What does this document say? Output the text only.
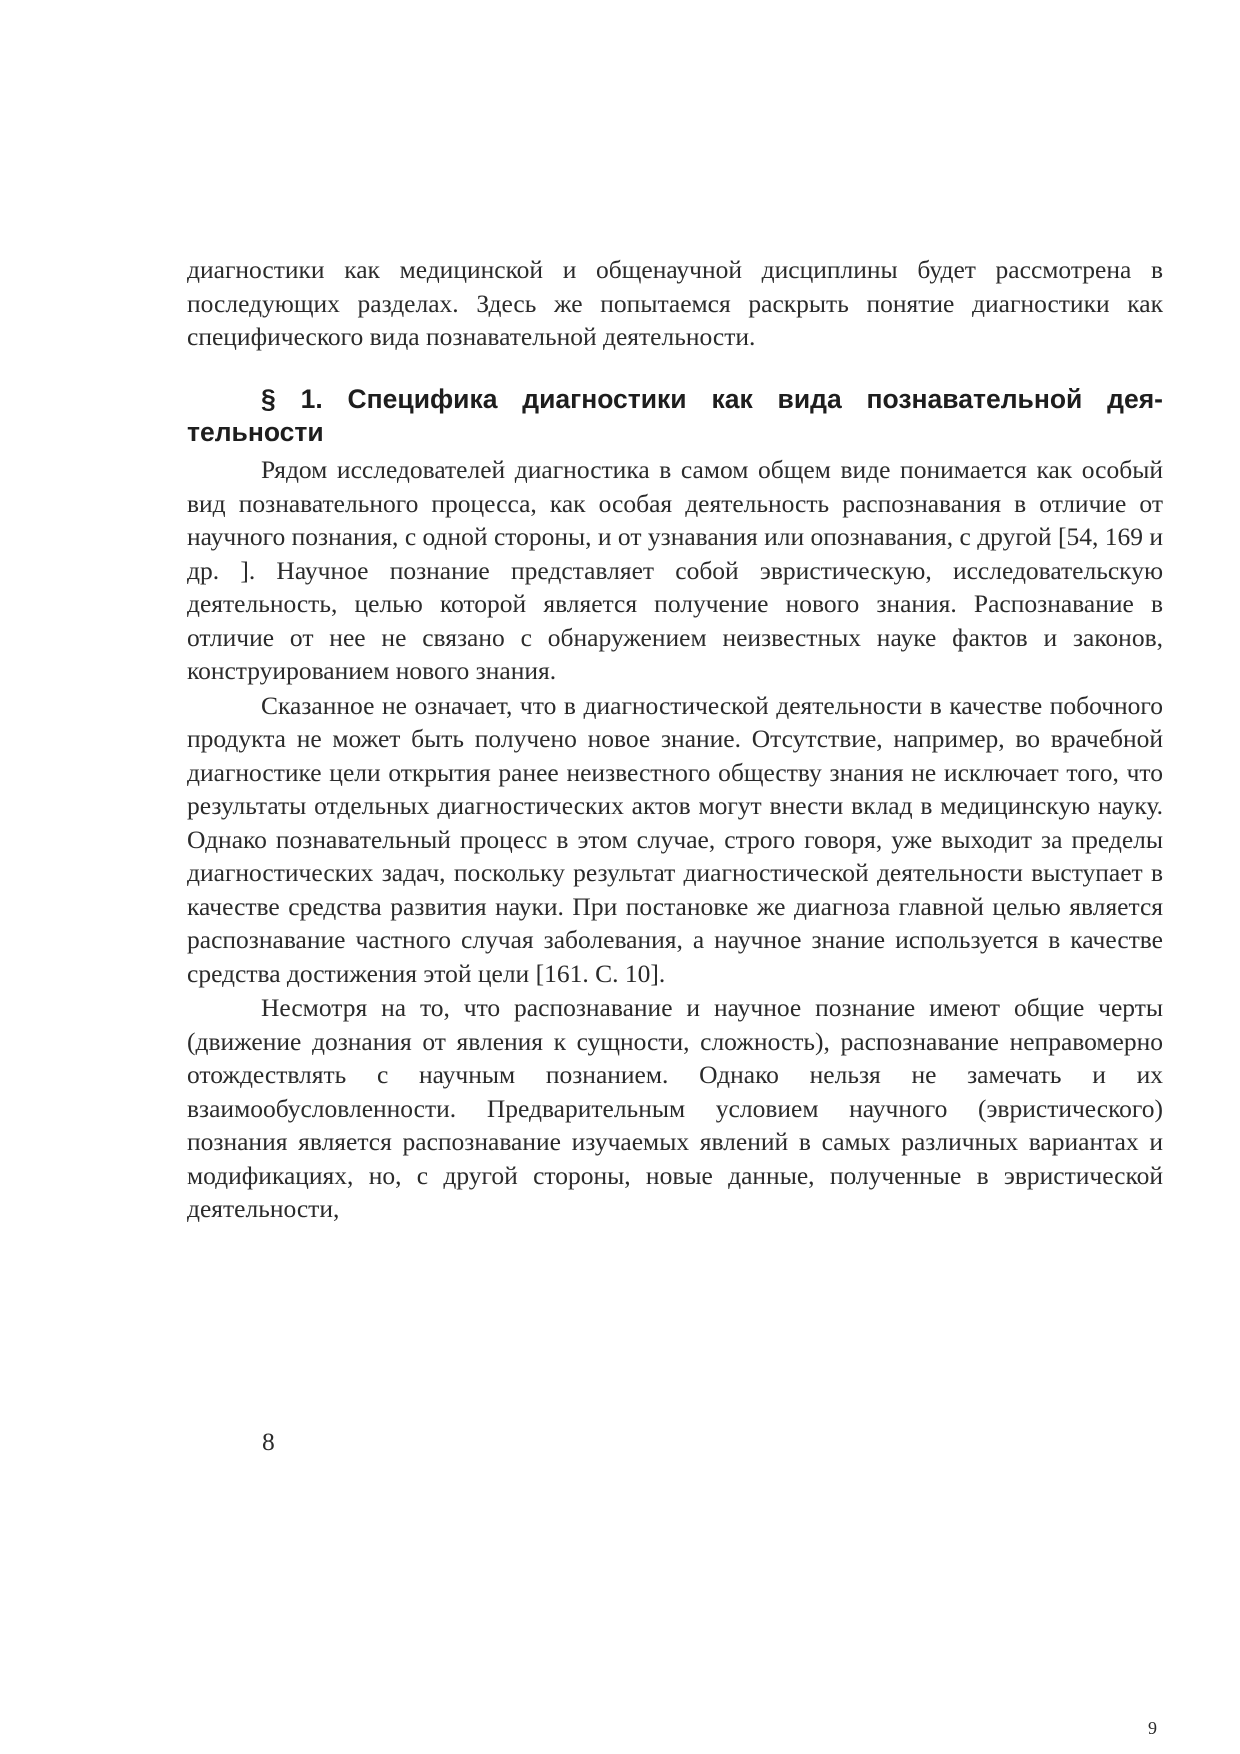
диагностики как медицинской и общенаучной дисциплины будет рассмотрена в последующих разделах. Здесь же попытаемся раскрыть понятие диагностики как специфического вида познавательной деятельности.

§ 1. Специфика диагностики как вида познавательной дея-
тельности

Рядом исследователей диагностика в самом общем виде понимается как особый вид познавательного процесса, как особая деятельность распознавания в отличие от научного познания, с одной стороны, и от узнавания или опознавания, с другой [54, 169 и др. ]. Научное познание представляет собой эвристическую, исследовательскую деятельность, целью которой является получение нового знания. Распознавание в отличие от нее не связано с обнаружением неизвестных науке фактов и законов, конструированием нового знания.

Сказанное не означает, что в диагностической деятельности в качестве побочного продукта не может быть получено новое знание. Отсутствие, например, во врачебной диагностике цели открытия ранее неизвестного обществу знания не исключает того, что результаты отдельных диагностических актов могут внести вклад в медицинскую науку. Однако познавательный процесс в этом случае, строго говоря, уже выходит за пределы диагностических задач, поскольку результат диагностической деятельности выступает в качестве средства развития науки. При постановке же диагноза главной целью является распознавание частного случая заболевания, а научное знание используется в качестве средства достижения этой цели [161. С. 10].

Несмотря на то, что распознавание и научное познание имеют общие черты (движение дознания от явления к сущности, сложность), распознавание неправомерно отождествлять с научным познанием. Однако нельзя не замечать и их взаимообусловленности. Предварительным условием научного (эвристического) познания является распознавание изучаемых явлений в самых различных вариантах и модификациях, но, с другой стороны, новые данные, полученные в эвристической деятельности,

8
9
